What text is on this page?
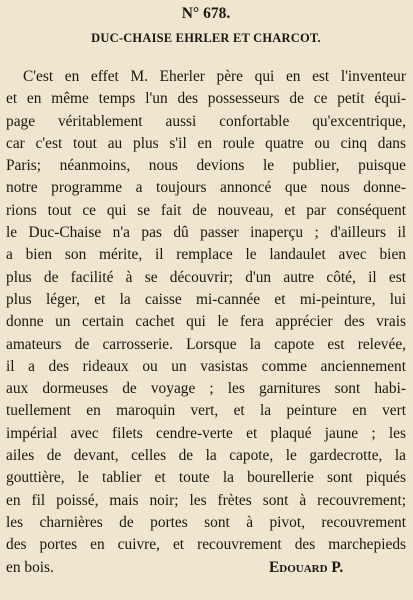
N° 678.
DUC-CHAISE EHRLER ET CHARCOT.
C'est en effet M. Eherler père qui en est l'inventeur
et en même temps l'un des possesseurs de ce petit équi-
page véritablement aussi confortable qu'excentrique,
car c'est tout au plus s'il en roule quatre ou cinq dans
Paris; néanmoins, nous devions le publier, puisque
notre programme a toujours annoncé que nous donne-
rions tout ce qui se fait de nouveau, et par conséquent
le Duc-Chaise n'a pas dû passer inaperçu ; d'ailleurs il
a bien son mérite, il remplace le landaulet avec bien
plus de facilité à se découvrir; d'un autre côté, il est
plus léger, et la caisse mi-cannée et mi-peinture, lui
donne un certain cachet qui le fera apprécier des vrais
amateurs de carrosserie. Lorsque la capote est relevée,
il a des rideaux ou un vasistas comme anciennement
aux dormeuses de voyage ; les garnitures sont habi-
tuellement en maroquin vert, et la peinture en vert
impérial avec filets cendre-verte et plaqué jaune ; les
ailes de devant, celles de la capote, le gardecrotte, la
gouttière, le tablier et toute la bourellerie sont piqués
en fil poissé, mais noir; les frètes sont à recouvrement;
les charnières de portes sont à pivot, recouvrement
des portes en cuivre, et recouvrement des marchepieds
en bois.	Edouard P.
